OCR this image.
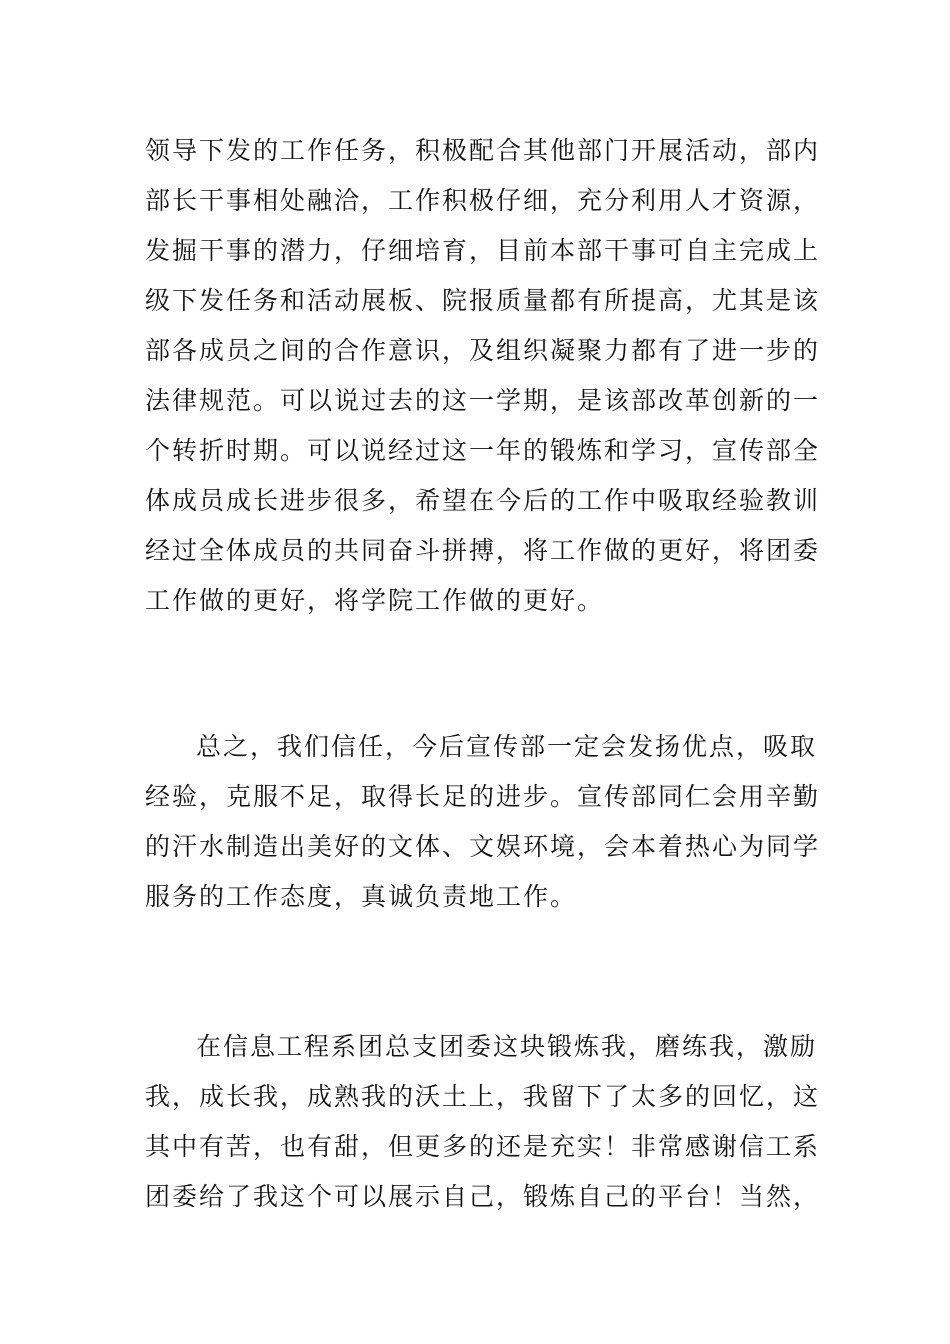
领导下发的工作任务，积极配合其他部门开展活动，部内
部长干事相处融洽，工作积极仔细，充分利用人才资源，
发掘干事的潜力，仔细培育，目前本部干事可自主完成上
级下发任务和活动展板、院报质量都有所提高，尤其是该
部各成员之间的合作意识，及组织凝聚力都有了进一步的
法律规范。可以说过去的这一学期，是该部改革创新的一
个转折时期。可以说经过这一年的锻炼和学习，宣传部全
体成员成长进步很多，希望在今后的工作中吸取经验教训
经过全体成员的共同奋斗拼搏，将工作做的更好，将团委
工作做的更好，将学院工作做的更好。
总之，我们信任，今后宣传部一定会发扬优点，吸取
经验，克服不足，取得长足的进步。宣传部同仁会用辛勤
的汗水制造出美好的文体、文娱环境，会本着热心为同学
服务的工作态度，真诚负责地工作。
在信息工程系团总支团委这块锻炼我，磨练我，激励
我，成长我，成熟我的沃土上，我留下了太多的回忆，这
其中有苦，也有甜，但更多的还是充实！非常感谢信工系
团委给了我这个可以展示自己，锻炼自己的平台！当然，
